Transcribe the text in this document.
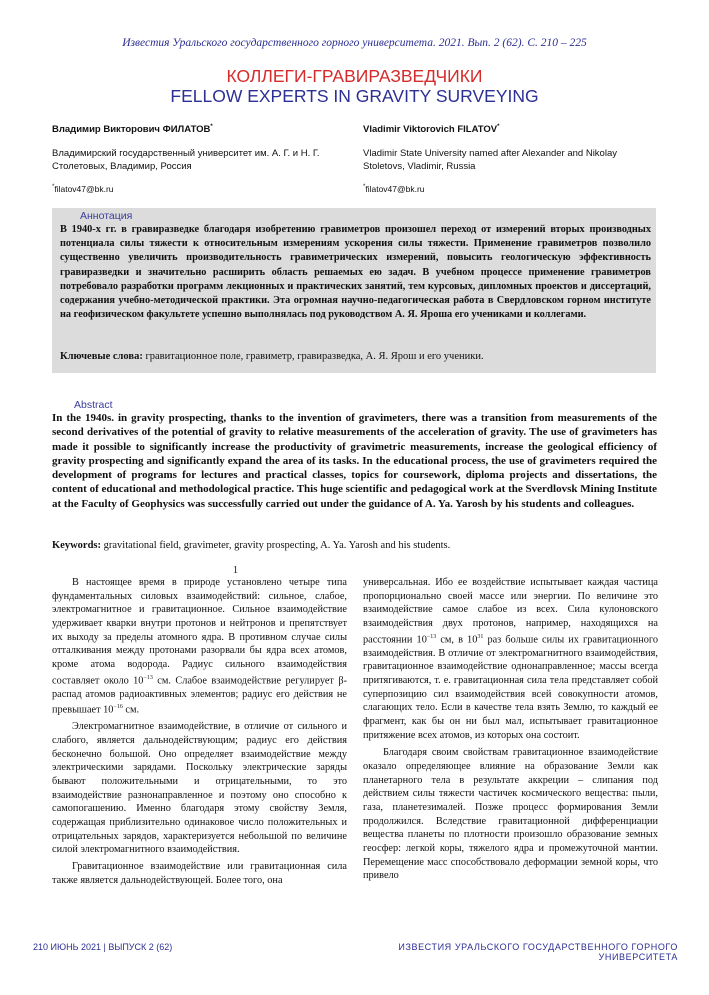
Известия Уральского государственного горного университета. 2021. Вып. 2 (62). С. 210 – 225
КОЛЛЕГИ-ГРАВИРАЗВЕДЧИКИ
FELLOW EXPERTS IN GRAVITY SURVEYING
Владимир Викторович ФИЛАТОВ*
Владимирский государственный университет им. А. Г. и Н. Г. Столетовых, Владимир, Россия
*filatov47@bk.ru
Vladimir Viktorovich FILATOV*
Vladimir State University named after Alexander and Nikolay Stoletovs, Vladimir, Russia
*filatov47@bk.ru
Аннотация
В 1940-х гг. в гравиразведке благодаря изобретению гравиметров произошел переход от измерений вторых производных потенциала силы тяжести к относительным измерениям ускорения силы тяжести. Применение гравиметров позволило существенно увеличить производительность гравиметрических измерений, повысить геологическую эффективность гравиразведки и значительно расширить область решаемых ею задач. В учебном процессе применение гравиметров потребовало разработки программ лекционных и практических занятий, тем курсовых, дипломных проектов и диссертаций, содержания учебно-методической практики. Эта огромная научно-педагогическая работа в Свердловском горном институте на геофизическом факультете успешно выполнялась под руководством А. Я. Яроша его учениками и коллегами.
Ключевые слова: гравитационное поле, гравиметр, гравиразведка, А. Я. Ярош и его ученики.
Abstract
In the 1940s. in gravity prospecting, thanks to the invention of gravimeters, there was a transition from measurements of the second derivatives of the potential of gravity to relative measurements of the acceleration of gravity. The use of gravimeters has made it possible to significantly increase the productivity of gravimetric measurements, increase the geological efficiency of gravity prospecting and significantly expand the area of its tasks. In the educational process, the use of gravimeters required the development of programs for lectures and practical classes, topics for coursework, diploma projects and dissertations, the content of educational and methodological practice. This huge scientific and pedagogical work at the Sverdlovsk Mining Institute at the Faculty of Geophysics was successfully carried out under the guidance of A. Ya. Yarosh by his students and colleagues.
Keywords: gravitational field, gravimeter, gravity prospecting, A. Ya. Yarosh and his students.
1

В настоящее время в природе установлено четыре типа фундаментальных силовых взаимодействий: сильное, слабое, электромагнитное и гравитационное. Сильное взаимодействие удерживает кварки внутри протонов и нейтронов и препятствует их выходу за пределы атомного ядра. В противном случае силы отталкивания между протонами разорвали бы ядра всех атомов, кроме атома водорода. Радиус сильного взаимодействия составляет около $10^{-13}$ см. Слабое взаимодействие регулирует β-распад атомов радиоактивных элементов; радиус его действия не превышает $10^{-16}$ см.

Электромагнитное взаимодействие, в отличие от сильного и слабого, является дальнодействующим; радиус его действия бесконечно большой. Оно определяет взаимодействие между электрическими зарядами. Поскольку электрические заряды бывают положительными и отрицательными, то это взаимодействие разнонаправленное и поэтому оно способно к самопогашению. Именно благодаря этому свойству Земля, содержащая приблизительно одинаковое число положительных и отрицательных зарядов, характеризуется небольшой по величине силой электромагнитного взаимодействия.

Гравитационное взаимодействие или гравитационная сила также является дальнодействующей. Более того, она

универсальная. Ибо ее воздействие испытывает каждая частица пропорционально своей массе или энергии. По величине это взаимодействие самое слабое из всех. Сила кулоновского взаимодействия двух протонов, например, находящихся на расстоянии $10^{-13}$ см, в $10^{31}$ раз больше силы их гравитационного взаимодействия. В отличие от электромагнитного взаимодействия, гравитационное взаимодействие однонаправленное; массы всегда притягиваются, т. е. гравитационная сила тела представляет собой суперпозицию сил взаимодействия всей совокупности атомов, слагающих тело. Если в качестве тела взять Землю, то каждый ее фрагмент, как бы он ни был мал, испытывает гравитационное притяжение всех атомов, из которых она состоит.

Благодаря своим свойствам гравитационное взаимодействие оказало определяющее влияние на образование Земли как планетарного тела в результате аккреции – слипания под действием силы тяжести частичек космического вещества: пыли, газа, планетезималей. Позже процесс формирования Земли продолжился. Вследствие гравитационной дифференциации вещества планеты по плотности произошло образование земных геосфер: легкой коры, тяжелого ядра и промежуточной мантии. Перемещение масс способствовало деформации земной коры, что привело

210 ИЮНЬ 2021 | ВЫПУСК 2 (62)	ИЗВЕСТИЯ УРАЛЬСКОГО ГОСУДАРСТВЕННОГО ГОРНОГО УНИВЕРСИТЕТА
